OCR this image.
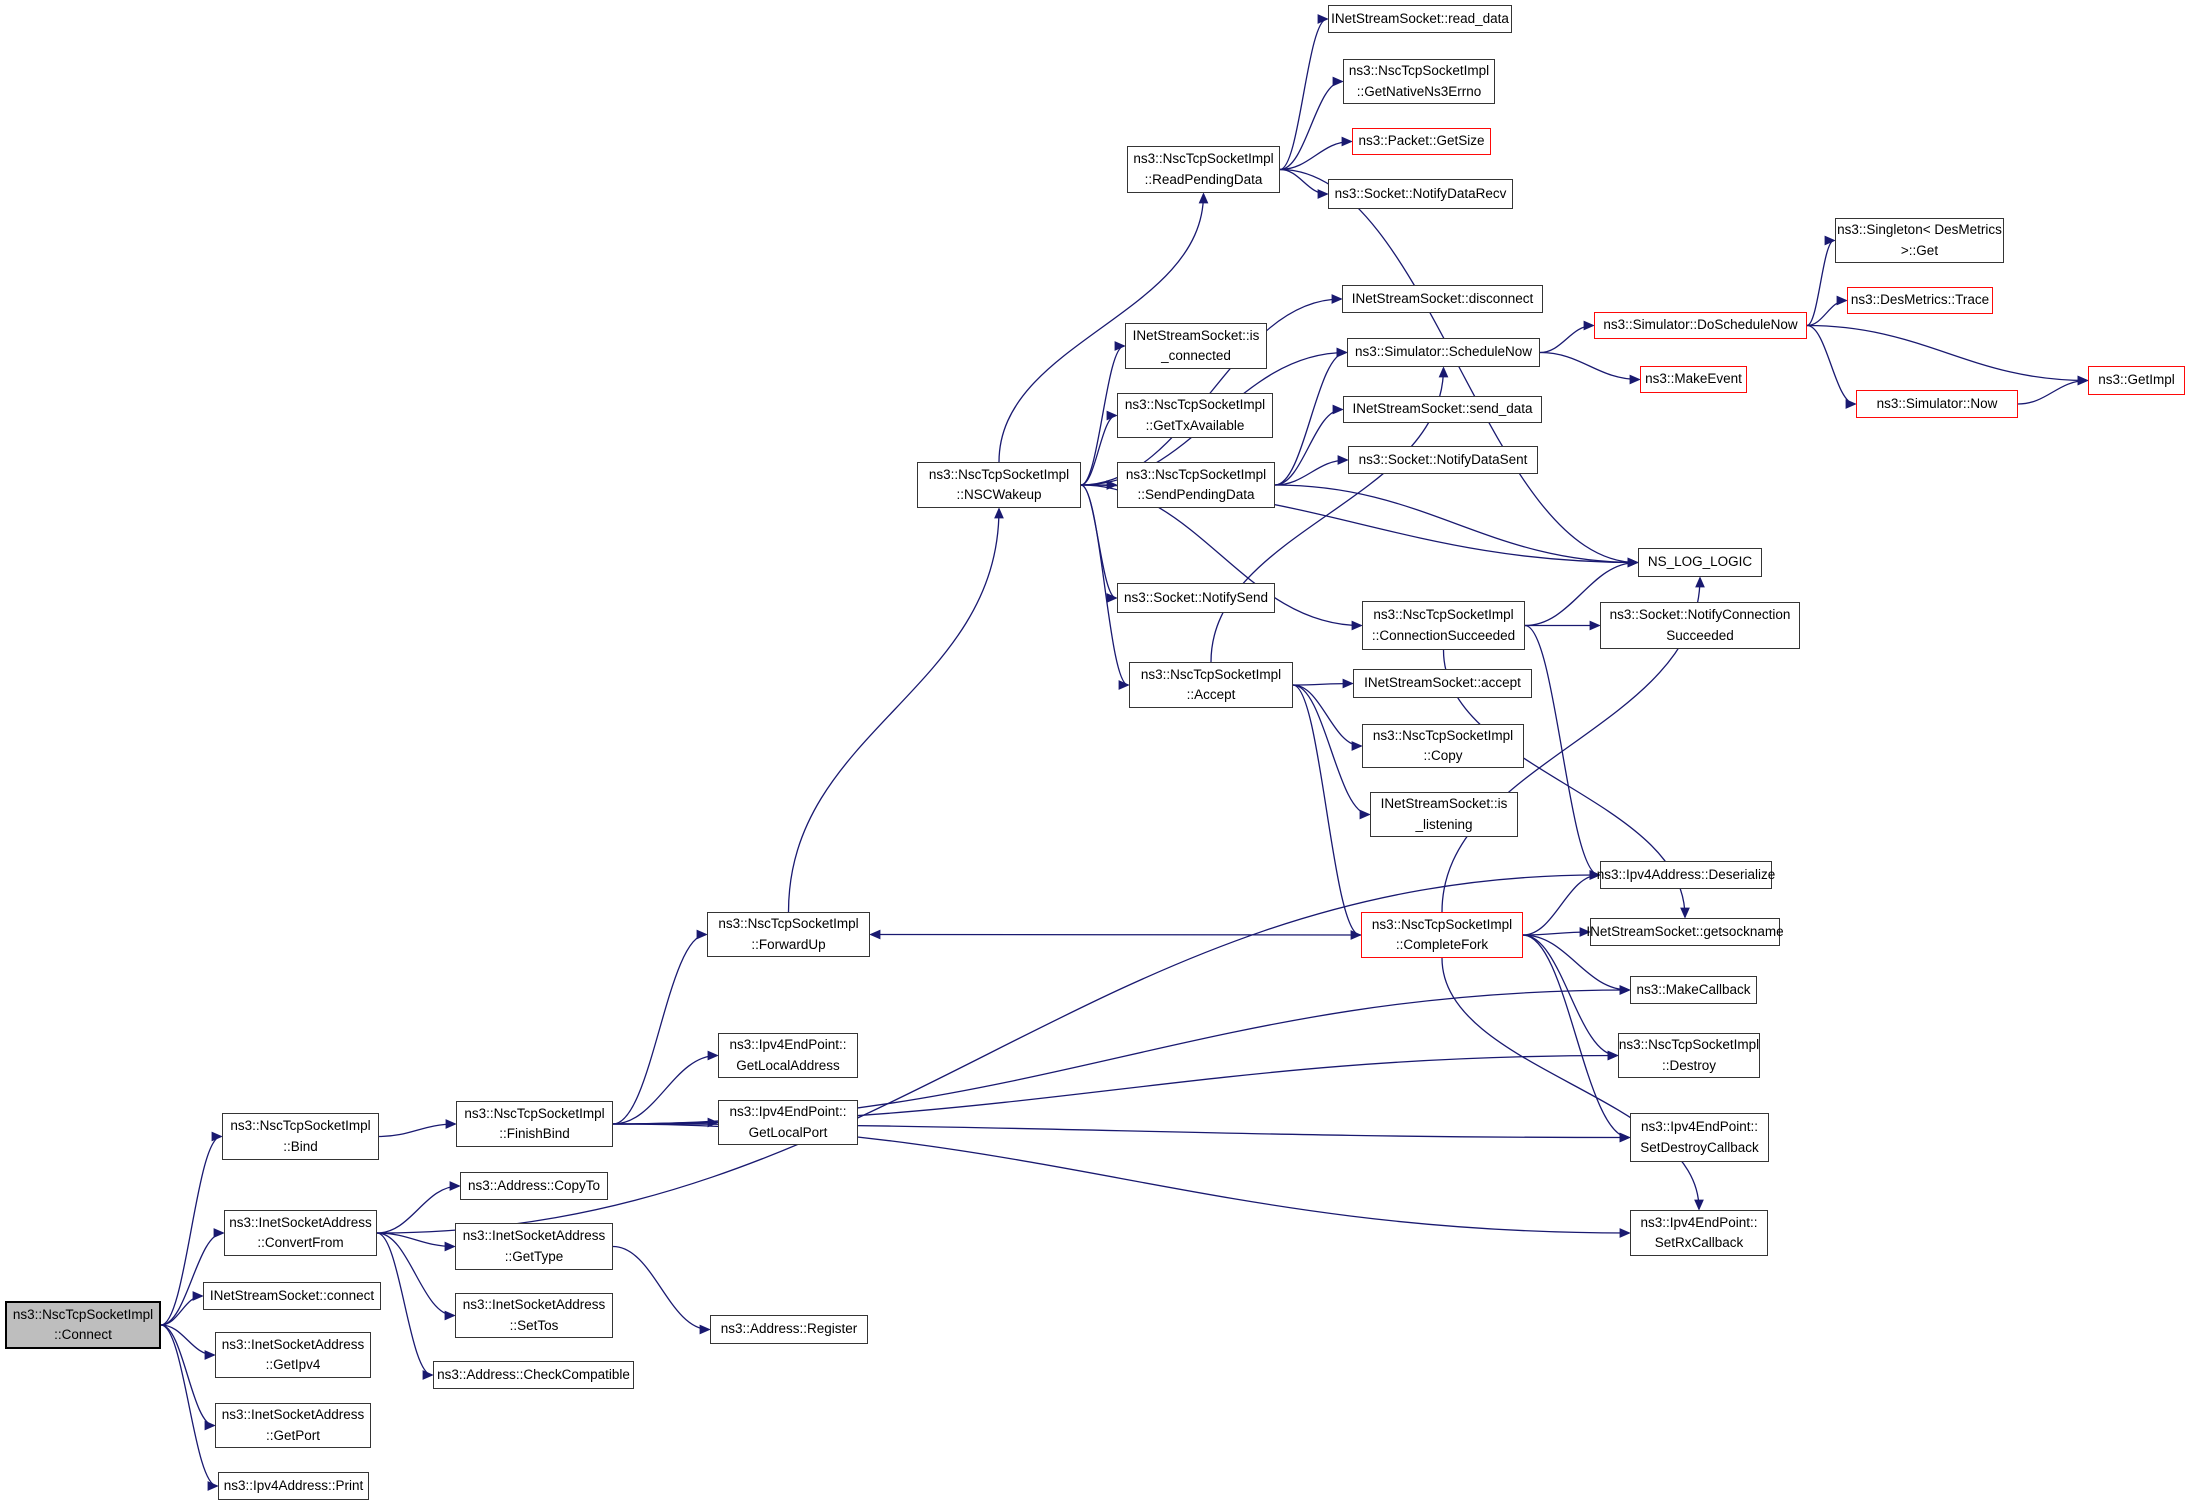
ns3::NscTcpSocketImpl
::Connect
ns3::NscTcpSocketImpl
::Bind
ns3::InetSocketAddress
::ConvertFrom
INetStreamSocket::connect
ns3::InetSocketAddress
::GetIpv4
ns3::InetSocketAddress
::GetPort
ns3::Ipv4Address::Print
ns3::NscTcpSocketImpl
::FinishBind
ns3::Address::CopyTo
ns3::InetSocketAddress
::GetType
ns3::InetSocketAddress
::SetTos
ns3::Address::CheckCompatible
ns3::Ipv4EndPoint::
GetLocalAddress
ns3::Ipv4EndPoint::
GetLocalPort
ns3::Address::Register
ns3::NscTcpSocketImpl
::ForwardUp
ns3::NscTcpSocketImpl
::NSCWakeup
ns3::NscTcpSocketImpl
::ReadPendingData
INetStreamSocket::is
_connected
ns3::NscTcpSocketImpl
::GetTxAvailable
ns3::NscTcpSocketImpl
::SendPendingData
ns3::Socket::NotifySend
ns3::NscTcpSocketImpl
::Accept
INetStreamSocket::read_data
ns3::NscTcpSocketImpl
::GetNativeNs3Errno
ns3::Packet::GetSize
ns3::Socket::NotifyDataRecv
INetStreamSocket::disconnect
ns3::Simulator::ScheduleNow
INetStreamSocket::send_data
ns3::Socket::NotifyDataSent
ns3::NscTcpSocketImpl
::ConnectionSucceeded
INetStreamSocket::accept
ns3::NscTcpSocketImpl
::Copy
INetStreamSocket::is
_listening
ns3::NscTcpSocketImpl
::CompleteFork
NS_LOG_LOGIC
ns3::Socket::NotifyConnection
Succeeded
ns3::Ipv4Address::Deserialize
INetStreamSocket::getsockname
ns3::MakeCallback
ns3::NscTcpSocketImpl
::Destroy
ns3::Ipv4EndPoint::
SetDestroyCallback
ns3::Ipv4EndPoint::
SetRxCallback
ns3::Simulator::DoScheduleNow
ns3::MakeEvent
ns3::Singleton< DesMetrics
>::Get
ns3::DesMetrics::Trace
ns3::Simulator::Now
ns3::GetImpl
